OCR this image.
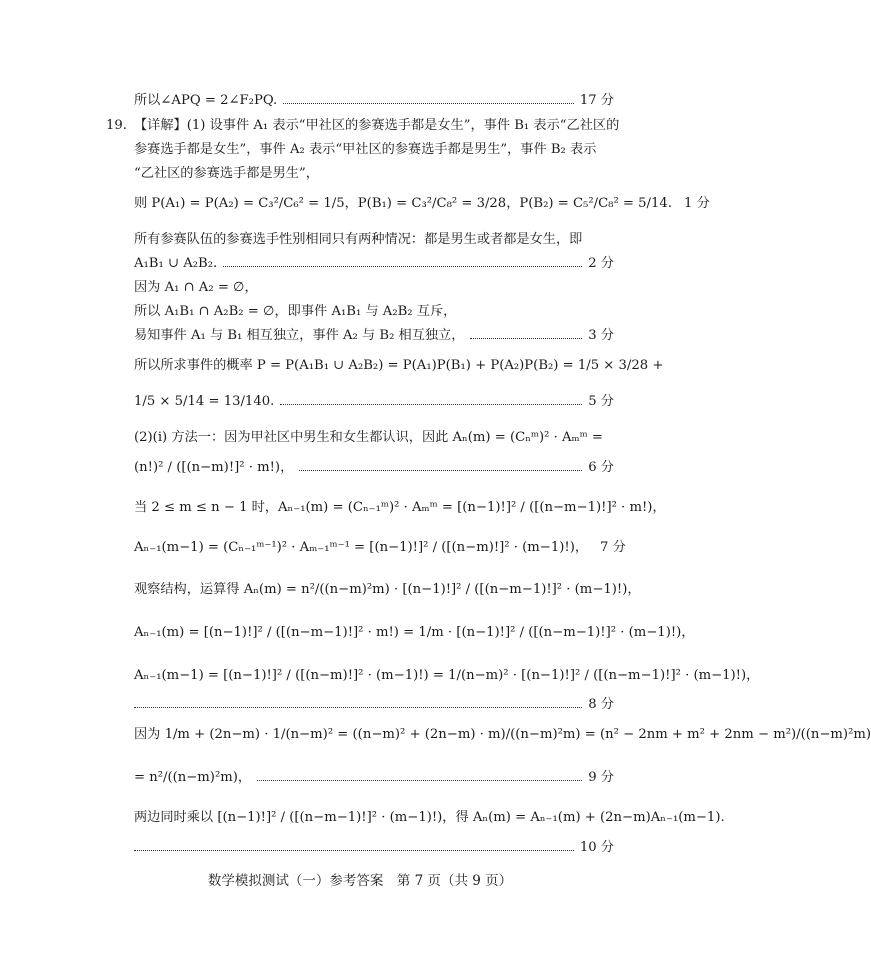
所以∠APQ = 2∠F₂PQ.	17 分
19. 【详解】(1) 设事件 A₁ 表示“甲社区的参赛选手都是女生”，事件 B₁ 表示“乙社区的
参赛选手都是女生”，事件 A₂ 表示“甲社区的参赛选手都是男生”，事件 B₂ 表示
“乙社区的参赛选手都是男生”，
则 P(A₁) = P(A₂) = C₃²/C₆² = 1/5，P(B₁) = C₃²/C₈² = 3/28，P(B₂) = C₅²/C₈² = 5/14. 1 分
所有参赛队伍的参赛选手性别相同只有两种情况：都是男生或者都是女生，即
A₁B₁ ∪ A₂B₂.	2 分
因为 A₁ ∩ A₂ = ∅，
所以 A₁B₁ ∩ A₂B₂ = ∅，即事件 A₁B₁ 与 A₂B₂ 互斥，
易知事件 A₁ 与 B₁ 相互独立，事件 A₂ 与 B₂ 相互独立，	3 分
所以所求事件的概率 P = P(A₁B₁ ∪ A₂B₂) = P(A₁)P(B₁) + P(A₂)P(B₂) = 1/5 × 3/28 +
1/5 × 5/14 = 13/140.	5 分
(2)(i) 方法一：因为甲社区中男生和女生都认识，因此 Aₙ(m) = (Cₙᵐ)² · Aₘᵐ =
(n!)² / ([(n−m)!]² · m!)，	6 分
当 2 ≤ m ≤ n − 1 时，Aₙ₋₁(m) = (Cₙ₋₁ᵐ)² · Aₘᵐ = [(n−1)!]² / ([(n−m−1)!]² · m!)，
Aₙ₋₁(m−1) = (Cₙ₋₁ᵐ⁻¹)² · Aₘ₋₁ᵐ⁻¹ = [(n−1)!]² / ([(n−m)!]² · (m−1)!)， 7 分
观察结构，运算得 Aₙ(m) = n²/((n−m)²m) · [(n−1)!]² / ([(n−m−1)!]² · (m−1)!)，
Aₙ₋₁(m) = [(n−1)!]² / ([(n−m−1)!]² · m!) = 1/m · [(n−1)!]² / ([(n−m−1)!]² · (m−1)!)，
Aₙ₋₁(m−1) = [(n−1)!]² / ([(n−m)!]² · (m−1)!) = 1/(n−m)² · [(n−1)!]² / ([(n−m−1)!]² · (m−1)!)，
8 分
因为 1/m + (2n−m) · 1/(n−m)² = ((n−m)² + (2n−m) · m)/((n−m)²m) = (n² − 2nm + m² + 2nm − m²)/((n−m)²m)
= n²/((n−m)²m)，	9 分
两边同时乘以 [(n−1)!]² / ([(n−m−1)!]² · (m−1)!)，得 Aₙ(m) = Aₙ₋₁(m) + (2n−m)Aₙ₋₁(m−1).
10 分
数学模拟测试（一）参考答案　第 7 页（共 9 页）
